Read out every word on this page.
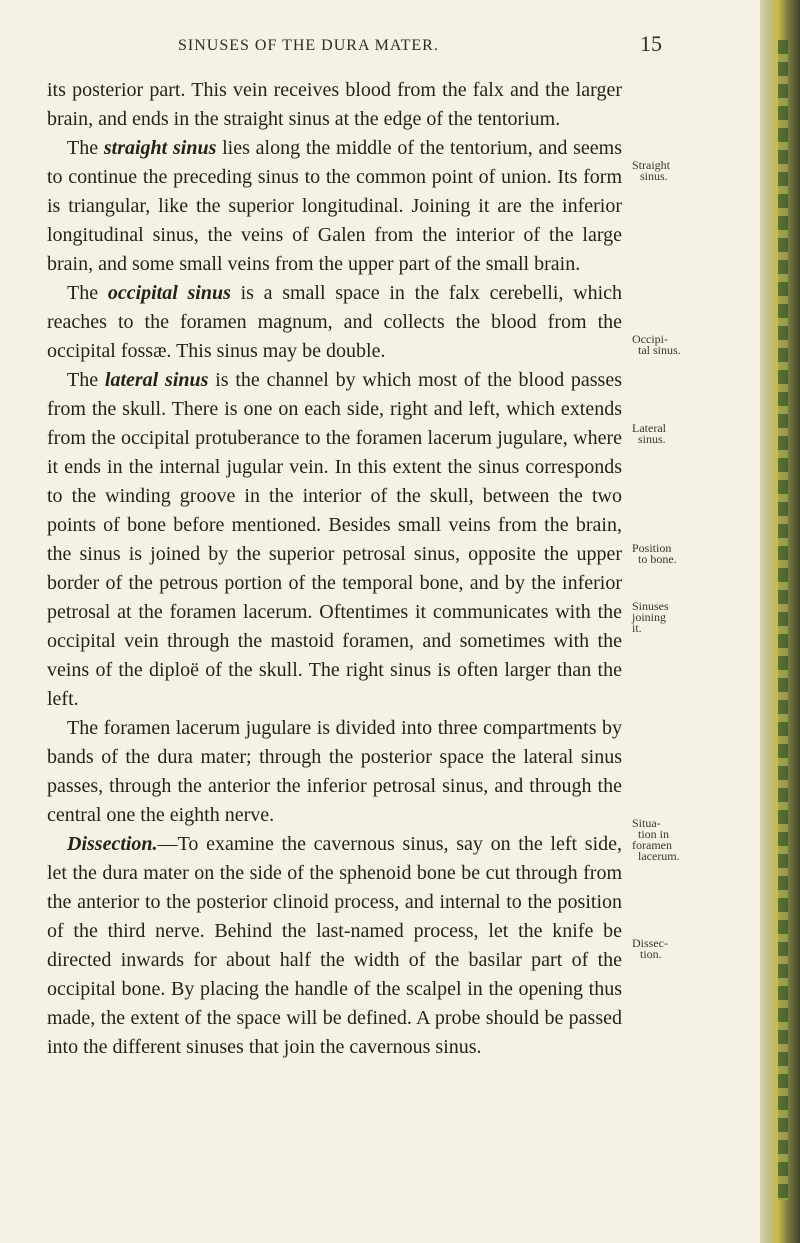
SINUSES OF THE DURA MATER.	15

its posterior part. This vein receives blood from the falx and the larger brain, and ends in the straight sinus at the edge of the tentorium.

The straight sinus lies along the middle of the tentorium, and seems to continue the preceding sinus to the common point of union. Its form is triangular, like the superior longitudinal. Joining it are the inferior longitudinal sinus, the veins of Galen from the interior of the large brain, and some small veins from the upper part of the small brain.

The occipital sinus is a small space in the falx cerebelli, which reaches to the foramen magnum, and collects the blood from the occipital fossæ. This sinus may be double.

The lateral sinus is the channel by which most of the blood passes from the skull. There is one on each side, right and left, which extends from the occipital protuberance to the foramen lacerum jugulare, where it ends in the internal jugular vein. In this extent the sinus corresponds to the winding groove in the interior of the skull, between the two points of bone before mentioned. Besides small veins from the brain, the sinus is joined by the superior petrosal sinus, opposite the upper border of the petrous portion of the temporal bone, and by the inferior petrosal at the foramen lacerum. Oftentimes it communicates with the occipital vein through the mastoid foramen, and sometimes with the veins of the diploë of the skull. The right sinus is often larger than the left.

The foramen lacerum jugulare is divided into three compartments by bands of the dura mater; through the posterior space the lateral sinus passes, through the anterior the inferior petrosal sinus, and through the central one the eighth nerve.

Dissection.—To examine the cavernous sinus, say on the left side, let the dura mater on the side of the sphenoid bone be cut through from the anterior to the posterior clinoid process, and internal to the position of the third nerve. Behind the last-named process, let the knife be directed inwards for about half the width of the basilar part of the occipital bone. By placing the handle of the scalpel in the opening thus made, the extent of the space will be defined. A probe should be passed into the different sinuses that join the cavernous sinus.

Straight
sinus.
Occipi-
tal sinus.
Lateral
sinus.
Position
to bone.
Sinuses
joining
it.
Situa-
tion in
foramen
lacerum.
Dissec-
tion.
